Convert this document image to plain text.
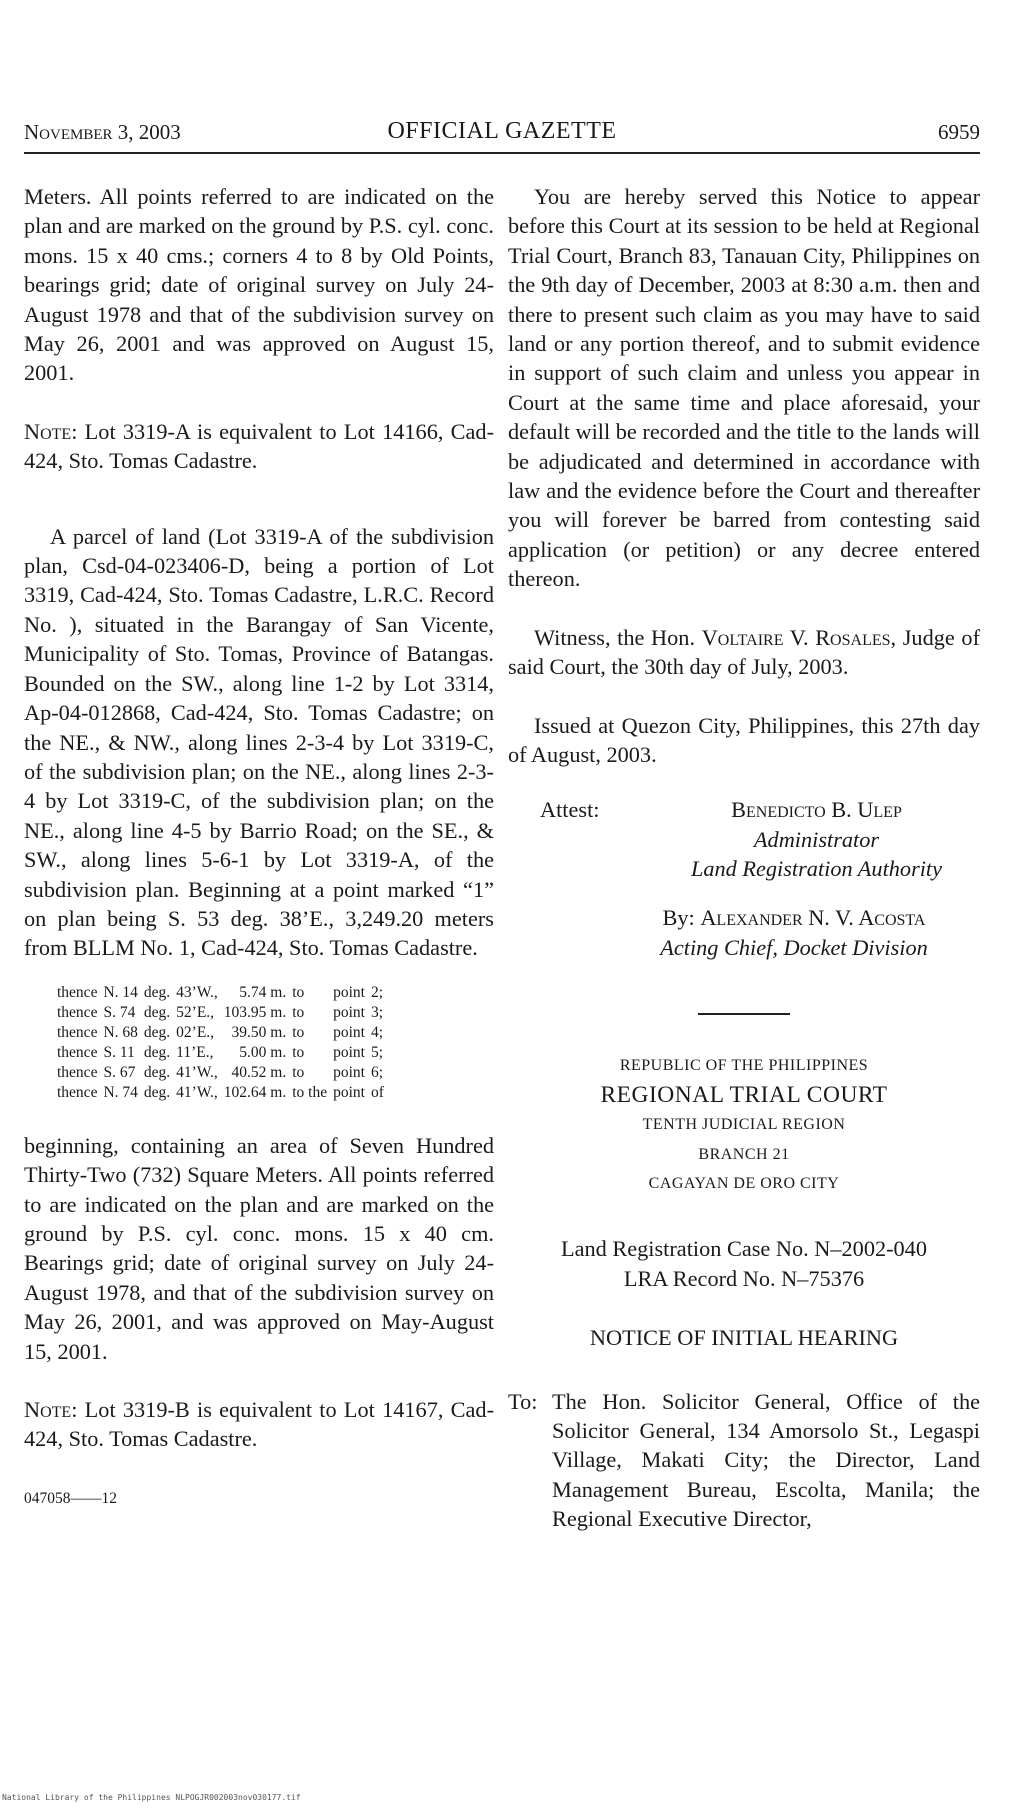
November 3, 2003	OFFICIAL GAZETTE	6959

Meters. All points referred to are indicated on the plan and are marked on the ground by P.S. cyl. conc. mons. 15 x 40 cms.; corners 4 to 8 by Old Points, bearings grid; date of original survey on July 24-August 1978 and that of the subdivision survey on May 26, 2001 and was approved on August 15, 2001.

Note: Lot 3319-A is equivalent to Lot 14166, Cad-424, Sto. Tomas Cadastre.

A parcel of land (Lot 3319-A of the subdivision plan, Csd-04-023406-D, being a portion of Lot 3319, Cad-424, Sto. Tomas Cadastre, L.R.C. Record No. ), situated in the Barangay of San Vicente, Municipality of Sto. Tomas, Province of Batangas. Bounded on the SW., along line 1-2 by Lot 3314, Ap-04-012868, Cad-424, Sto. Tomas Cadastre; on the NE., & NW., along lines 2-3-4 by Lot 3319-C, of the subdivision plan; on the NE., along lines 2-3-4 by Lot 3319-C, of the subdivision plan; on the NE., along line 4-5 by Barrio Road; on the SE., & SW., along lines 5-6-1 by Lot 3319-A, of the subdivision plan. Beginning at a point marked “1” on plan being S. 53 deg. 38’E., 3,249.20 meters from BLLM No. 1, Cad-424, Sto. Tomas Cadastre.

thence	N. 14	deg.	43’W.,	5.74 m.	to	point	2;
thence	S. 74	deg.	52’E.,	103.95 m.	to	point	3;
thence	N. 68	deg.	02’E.,	39.50 m.	to	point	4;
thence	S. 11	deg.	11’E.,	5.00 m.	to	point	5;
thence	S. 67	deg.	41’W.,	40.52 m.	to	point	6;
thence	N. 74	deg.	41’W.,	102.64 m.	to the	point	of

beginning, containing an area of Seven Hundred Thirty-Two (732) Square Meters. All points referred to are indicated on the plan and are marked on the ground by P.S. cyl. conc. mons. 15 x 40 cm. Bearings grid; date of original survey on July 24-August 1978, and that of the subdivision survey on May 26, 2001, and was approved on May-August 15, 2001.

Note: Lot 3319-B is equivalent to Lot 14167, Cad-424, Sto. Tomas Cadastre.

047058——12

You are hereby served this Notice to appear before this Court at its session to be held at Regional Trial Court, Branch 83, Tanauan City, Philippines on the 9th day of December, 2003 at 8:30 a.m. then and there to present such claim as you may have to said land or any portion thereof, and to submit evidence in support of such claim and unless you appear in Court at the same time and place aforesaid, your default will be recorded and the title to the lands will be adjudicated and determined in accordance with law and the evidence before the Court and thereafter you will forever be barred from contesting said application (or petition) or any decree entered thereon.

Witness, the Hon. Voltaire V. Rosales, Judge of said Court, the 30th day of July, 2003.

Issued at Quezon City, Philippines, this 27th day of August, 2003.

Attest:	Benedicto B. Ulep
Administrator
Land Registration Authority
By: Alexander N. V. Acosta
Acting Chief, Docket Division
REPUBLIC OF THE PHILIPPINES
REGIONAL TRIAL COURT
TENTH JUDICIAL REGION
BRANCH 21
CAGAYAN DE ORO CITY
Land Registration Case No. N–2002-040
LRA Record No. N–75376
NOTICE OF INITIAL HEARING
To: The Hon. Solicitor General, Office of the Solicitor General, 134 Amorsolo St., Legaspi Village, Makati City; the Director, Land Management Bureau, Escolta, Manila; the Regional Executive Director,
National Library of the Philippines NLPOGJR002003nov030177.tif
